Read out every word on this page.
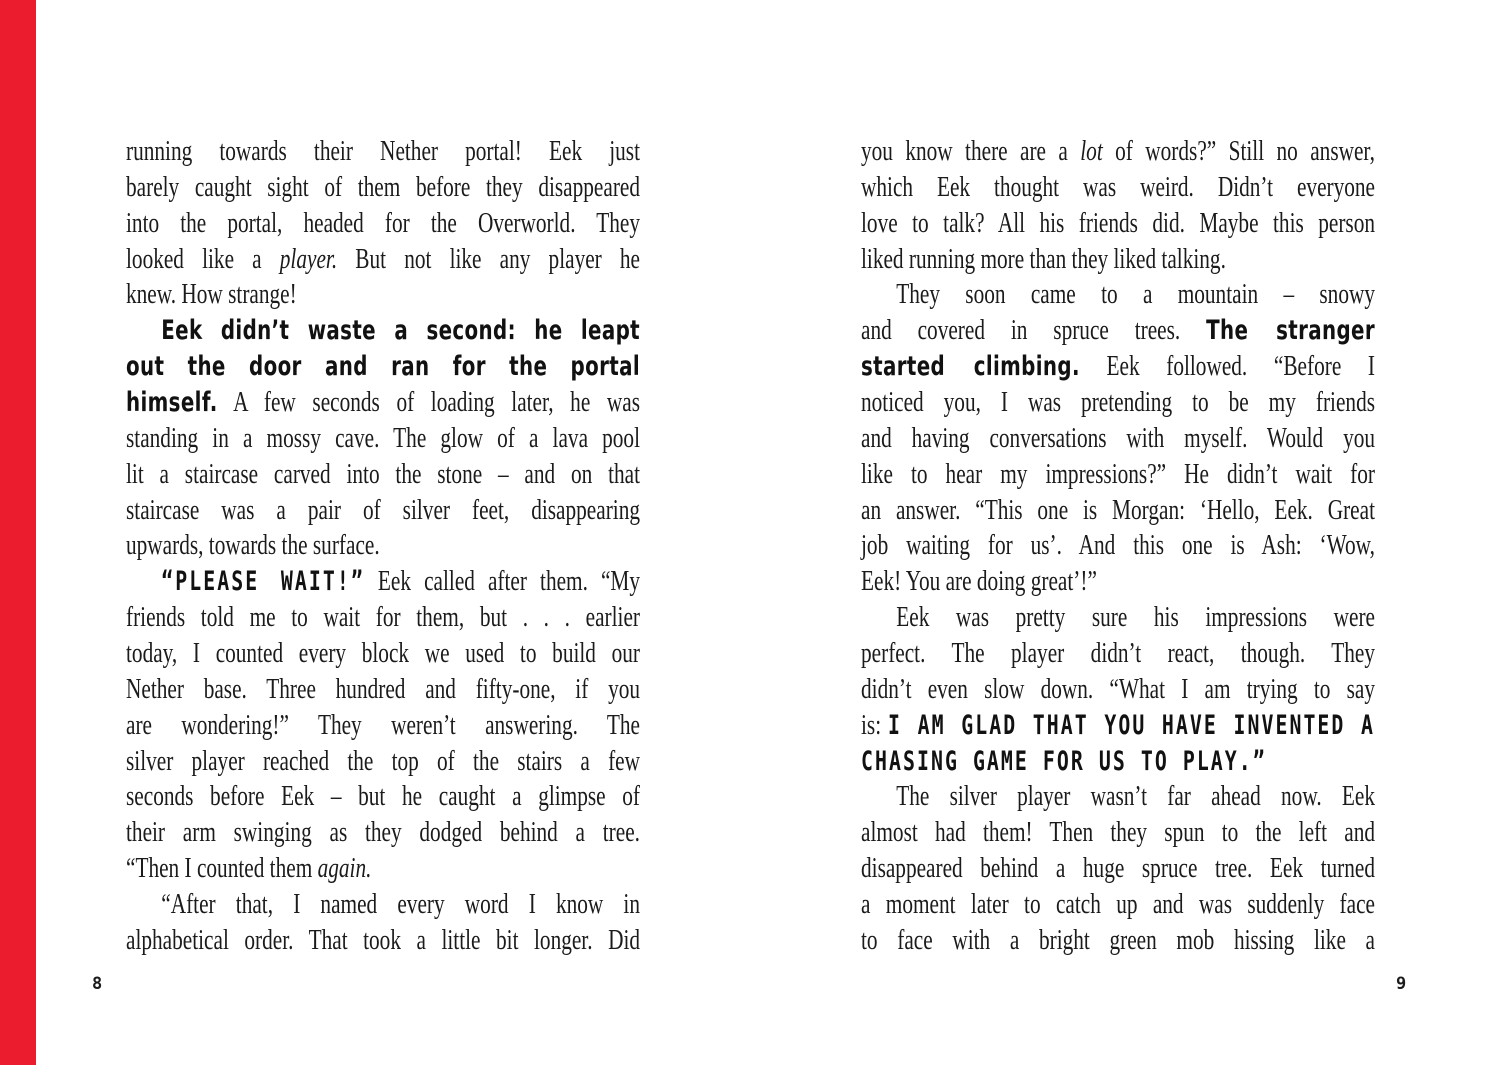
running towards their Nether portal! Eek just
barely caught sight of them before they disappeared
into the portal, headed for the Overworld. They
looked like a player. But not like any player he
knew. How strange!
Eek didn’t waste a second: he leapt
out the door and ran for the portal
himself. A few seconds of loading later, he was
standing in a mossy cave. The glow of a lava pool
lit a staircase carved into the stone – and on that
staircase was a pair of silver feet, disappearing
upwards, towards the surface.
“PLEASE WAIT!” Eek called after them. “My
friends told me to wait for them, but . . . earlier
today, I counted every block we used to build our
Nether base. Three hundred and fifty-one, if you
are wondering!” They weren’t answering. The
silver player reached the top of the stairs a few
seconds before Eek – but he caught a glimpse of
their arm swinging as they dodged behind a tree.
“Then I counted them again.
“After that, I named every word I know in
alphabetical order. That took a little bit longer. Did
you know there are a lot of words?” Still no answer,
which Eek thought was weird. Didn’t everyone
love to talk? All his friends did. Maybe this person
liked running more than they liked talking.
They soon came to a mountain – snowy
and covered in spruce trees. The stranger
started climbing. Eek followed. “Before I
noticed you, I was pretending to be my friends
and having conversations with myself. Would you
like to hear my impressions?” He didn’t wait for
an answer. “This one is Morgan: ‘Hello, Eek. Great
job waiting for us’. And this one is Ash: ‘Wow,
Eek! You are doing great’!”
Eek was pretty sure his impressions were
perfect. The player didn’t react, though. They
didn’t even slow down. “What I am trying to say
is: I AM GLAD THAT YOU HAVE INVENTED A
CHASING GAME FOR US TO PLAY.”
The silver player wasn’t far ahead now. Eek
almost had them! Then they spun to the left and
disappeared behind a huge spruce tree. Eek turned
a moment later to catch up and was suddenly face
to face with a bright green mob hissing like a
8	9
